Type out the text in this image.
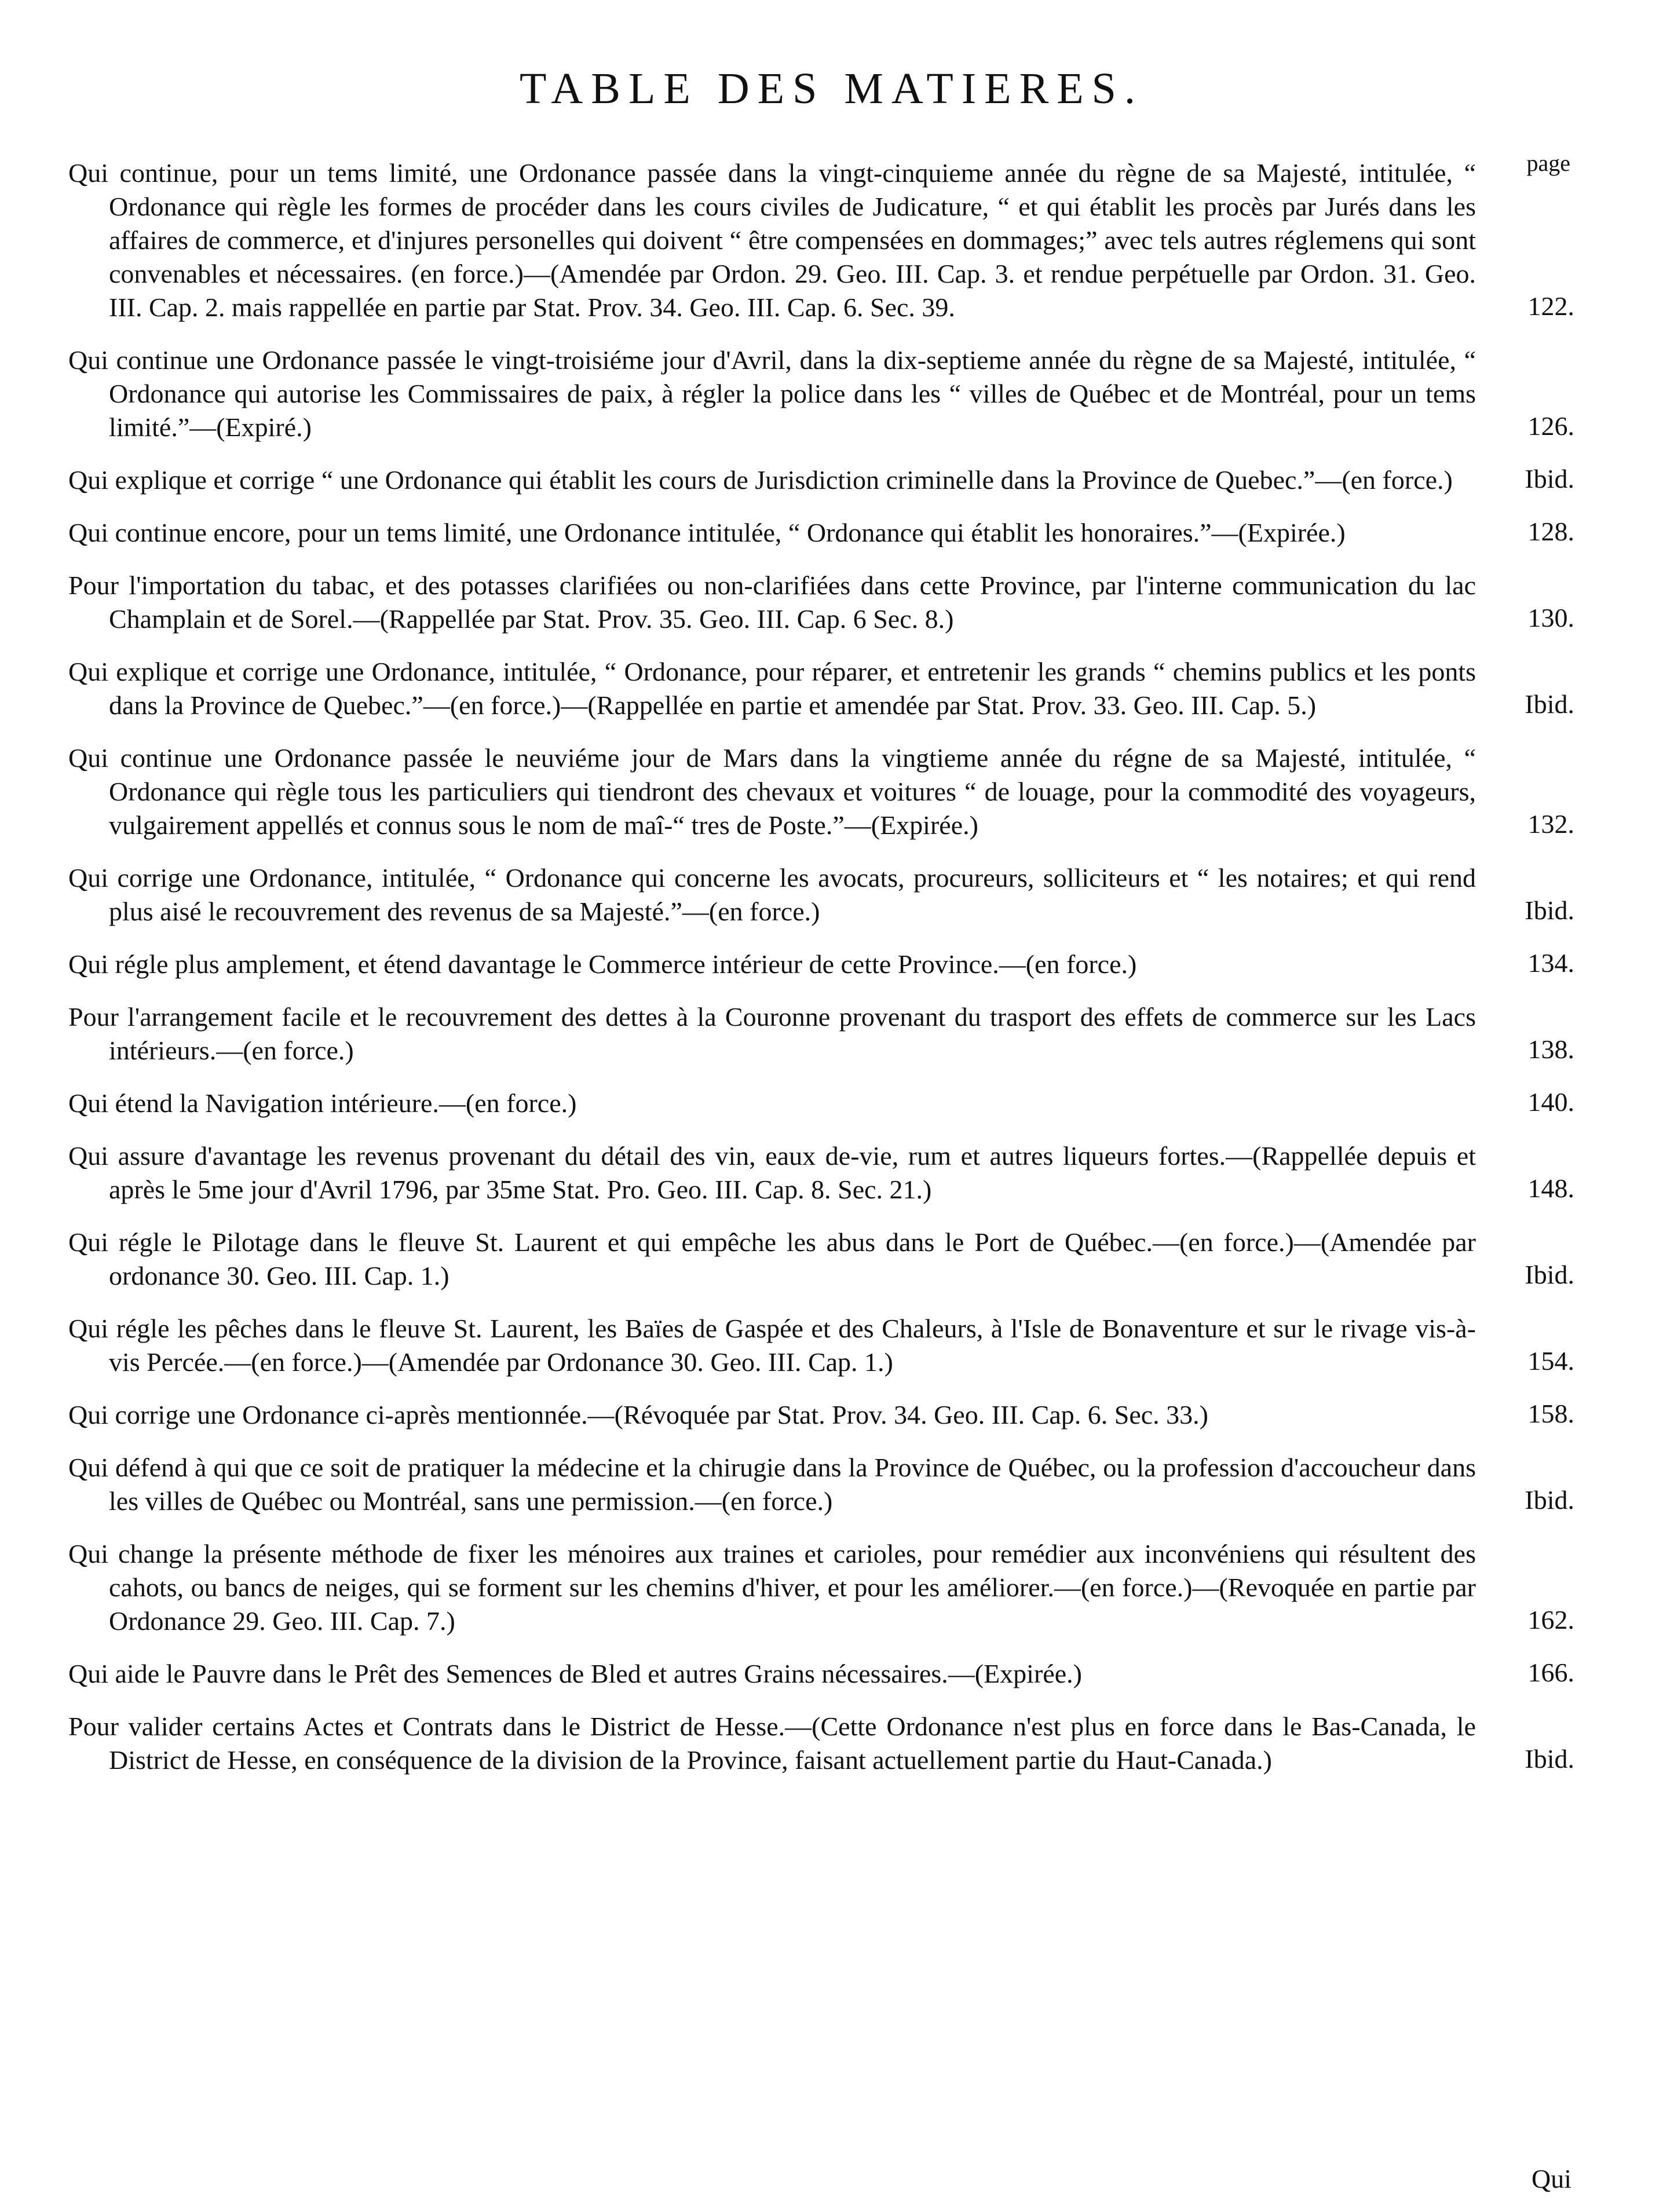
TABLE DES MATIERES.
page
Qui continue, pour un tems limité, une Ordonance passée dans la vingt-cinquieme année du règne de sa Majesté, intitulée, “ Ordonance qui règle les formes de procéder dans les cours civiles de Judicature, “ et qui établit les procès par Jurés dans les affaires de commerce, et d'injures personelles qui doivent “ être compensées en dommages;” avec tels autres réglemens qui sont convenables et nécessaires. (en force.)—(Amendée par Ordon. 29. Geo. III. Cap. 3. et rendue perpétuelle par Ordon. 31. Geo. III. Cap. 2. mais rappellée en partie par Stat. Prov. 34. Geo. III. Cap. 6. Sec. 39.	122.
Qui continue une Ordonance passée le vingt-troisiéme jour d'Avril, dans la dix-septieme année du règne de sa Majesté, intitulée, “ Ordonance qui autorise les Commissaires de paix, à régler la police dans les “ villes de Québec et de Montréal, pour un tems limité.”—(Expiré.)	126.
Qui explique et corrige “ une Ordonance qui établit les cours de Jurisdiction criminelle dans la Province de Quebec.”—(en force.)	Ibid.
Qui continue encore, pour un tems limité, une Ordonance intitulée, “ Ordonance qui établit les honoraires.”—(Expirée.)	128.
Pour l'importation du tabac, et des potasses clarifiées ou non-clarifiées dans cette Province, par l'interne communication du lac Champlain et de Sorel.—(Rappellée par Stat. Prov. 35. Geo. III. Cap. 6 Sec. 8.)	130.
Qui explique et corrige une Ordonance, intitulée, “ Ordonance, pour réparer, et entretenir les grands “ chemins publics et les ponts dans la Province de Quebec.”—(en force.)—(Rappellée en partie et amendée par Stat. Prov. 33. Geo. III. Cap. 5.)	Ibid.
Qui continue une Ordonance passée le neuviéme jour de Mars dans la vingtieme année du régne de sa Majesté, intitulée, “ Ordonance qui règle tous les particuliers qui tiendront des chevaux et voitures “ de louage, pour la commodité des voyageurs, vulgairement appellés et connus sous le nom de maî-“ tres de Poste.”—(Expirée.)	132.
Qui corrige une Ordonance, intitulée, “ Ordonance qui concerne les avocats, procureurs, solliciteurs et “ les notaires; et qui rend plus aisé le recouvrement des revenus de sa Majesté.”—(en force.)	Ibid.
Qui régle plus amplement, et étend davantage le Commerce intérieur de cette Province.—(en force.)	134.
Pour l'arrangement facile et le recouvrement des dettes à la Couronne provenant du trasport des effets de commerce sur les Lacs intérieurs.—(en force.)	138.
Qui étend la Navigation intérieure.—(en force.)	140.
Qui assure d'avantage les revenus provenant du détail des vin, eaux de-vie, rum et autres liqueurs fortes.—(Rappellée depuis et après le 5me jour d'Avril 1796, par 35me Stat. Pro. Geo. III. Cap. 8. Sec. 21.)	148.
Qui régle le Pilotage dans le fleuve St. Laurent et qui empêche les abus dans le Port de Québec.—(en force.)—(Amendée par ordonance 30. Geo. III. Cap. 1.)	Ibid.
Qui régle les pêches dans le fleuve St. Laurent, les Baïes de Gaspée et des Chaleurs, à l'Isle de Bonaventure et sur le rivage vis-à-vis Percée.—(en force.)—(Amendée par Ordonance 30. Geo. III. Cap. 1.)	154.
Qui corrige une Ordonance ci-après mentionnée.—(Révoquée par Stat. Prov. 34. Geo. III. Cap. 6. Sec. 33.)	158.
Qui défend à qui que ce soit de pratiquer la médecine et la chirugie dans la Province de Québec, ou la profession d'accoucheur dans les villes de Québec ou Montréal, sans une permission.—(en force.)	Ibid.
Qui change la présente méthode de fixer les ménoires aux traines et carioles, pour remédier aux inconvéniens qui résultent des cahots, ou bancs de neiges, qui se forment sur les chemins d'hiver, et pour les améliorer.—(en force.)—(Revoquée en partie par Ordonance 29. Geo. III. Cap. 7.)	162.
Qui aide le Pauvre dans le Prêt des Semences de Bled et autres Grains nécessaires.—(Expirée.)	166.
Pour valider certains Actes et Contrats dans le District de Hesse.—(Cette Ordonance n'est plus en force dans le Bas-Canada, le District de Hesse, en conséquence de la division de la Province, faisant actuellement partie du Haut-Canada.)	Ibid.
Qui
